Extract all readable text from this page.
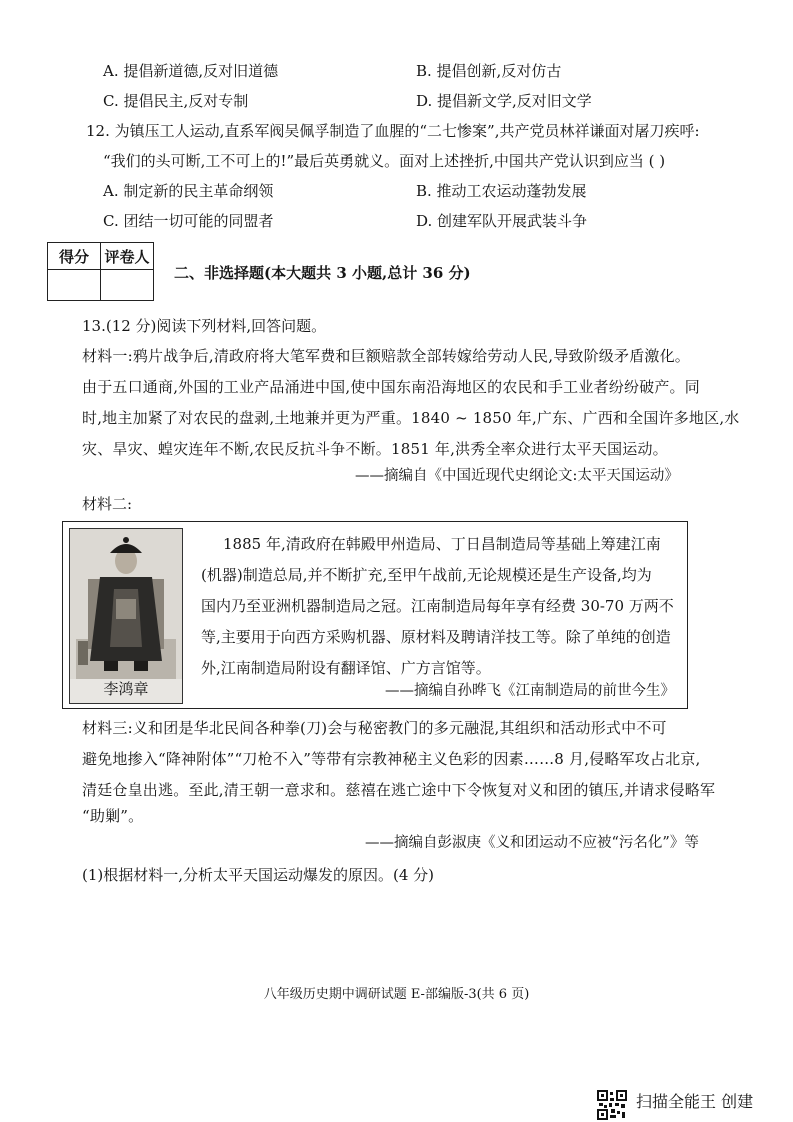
A. 提倡新道德,反对旧道德	B. 提倡创新,反对仿古
C. 提倡民主,反对专制	D. 提倡新文学,反对旧文学
12. 为镇压工人运动,直系军阀吴佩孚制造了血腥的“二七惨案”,共产党员林祥谦面对屠刀疾呼:
“我们的头可断,工不可上的!”最后英勇就义。面对上述挫折,中国共产党认识到应当 ( )
A. 制定新的民主革命纲领	B. 推动工农运动蓬勃发展
C. 团结一切可能的同盟者	D. 创建军队开展武装斗争
得分	评卷人

二、非选择题(本大题共 3 小题,总计 36 分)
13.(12 分)阅读下列材料,回答问题。
材料一:鸦片战争后,清政府将大笔军费和巨额赔款全部转嫁给劳动人民,导致阶级矛盾激化。
由于五口通商,外国的工业产品涌进中国,使中国东南沿海地区的农民和手工业者纷纷破产。同
时,地主加紧了对农民的盘剥,土地兼并更为严重。1840 ~ 1850 年,广东、广西和全国许多地区,水
灾、旱灾、蝗灾连年不断,农民反抗斗争不断。1851 年,洪秀全率众进行太平天国运动。
——摘编自《中国近现代史纲论文:太平天国运动》
材料二:
李鸿章
1885 年,清政府在韩殿甲州造局、丁日昌制造局等基础上筹建江南
(机器)制造总局,并不断扩充,至甲午战前,无论规模还是生产设备,均为
国内乃至亚洲机器制造局之冠。江南制造局每年享有经费 30-70 万两不
等,主要用于向西方采购机器、原材料及聘请洋技工等。除了单纯的创造
外,江南制造局附设有翻译馆、广方言馆等。
——摘编自孙晔飞《江南制造局的前世今生》
材料三:义和团是华北民间各种拳(刀)会与秘密教门的多元融混,其组织和活动形式中不可
避免地掺入“降神附体”“刀枪不入”等带有宗教神秘主义色彩的因素……8 月,侵略军攻占北京,
清廷仓皇出逃。至此,清王朝一意求和。慈禧在逃亡途中下令恢复对义和团的镇压,并请求侵略军
“助剿”。
——摘编自彭淑庚《义和团运动不应被“污名化”》等
(1)根据材料一,分析太平天国运动爆发的原因。(4 分)
八年级历史期中调研试题 E-部编版-3(共 6 页)
扫描全能王 创建
